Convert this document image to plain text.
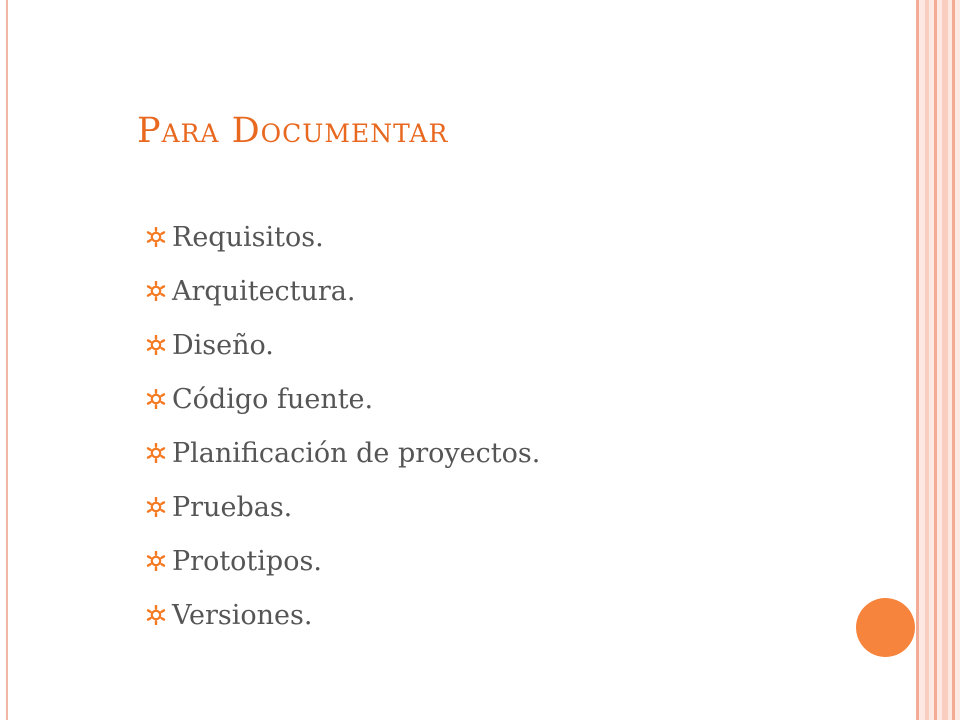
Para Documentar
Requisitos.
Arquitectura.
Diseño.
Código fuente.
Planificación de proyectos.
Pruebas.
Prototipos.
Versiones.
